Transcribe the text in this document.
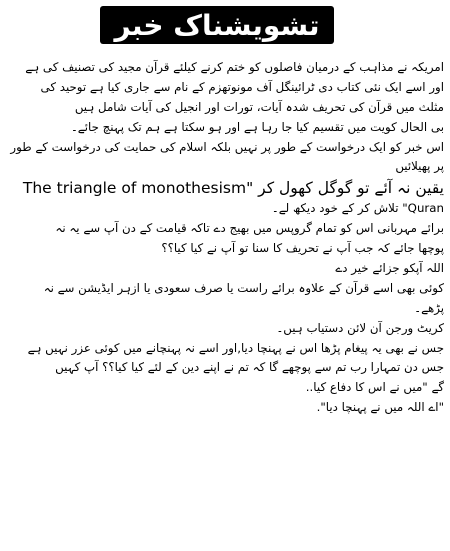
تشویشناک خبر
امریکہ نے مذاہب کے درمیان فاصلوں کو ختم کرنے کیلئے قرآن مجید کی تصنیف کی ہے
اور اسے ایک نئی کتاب دی ٹرائینگل آف مونوتھزم کے نام سے جاری کیا ہے توحید کی
مثلث میں قرآن کی تحریف شدہ آیات، تورات اور انجیل کی آیات شامل ہیں
بی الحال کویت میں تقسیم کیا جا رہا ہے اور ہو سکتا ہے ہم تک پہنچ جائے۔
اس خبر کو ایک درخواست کے طور پر نہیں بلکہ اسلام کی حمایت کی درخواست کے طور
پر پھیلائیں
یقین نہ آئے تو گوگل کھول کر "The triangle of monothesism
Quran" تلاش کر کے خود دیکھ لے۔
برائے مہربانی اس کو تمام گروپس میں بھیج دے تاکہ قیامت کے دن آپ سے یہ نہ
پوچھا جائے کہ جب آپ نے تحریف کا سنا تو آپ نے کیا کیا؟؟
اللہ آپکو جزائے خیر دے
کوئی بھی اسے قرآن کے علاوہ برائے راست یا صرف سعودی یا ازہر ایڈیشن سے نہ
پڑھے۔
کریٹ ورجن آن لائن دستیاب ہیں۔
جس نے بھی یہ پیغام پڑھا اس نے پہنچا دیا,اور اسے نہ پہنچانے میں کوئی عزر نہیں ہے
جس دن تمہارا رب تم سے پوچھے گا کہ تم نے اپنے دین کے لئے کیا کیا؟؟ آپ کہیں
گے "میں نے اس کا دفاع کیا..
"اے اللہ میں نے پہنچا دیا".
